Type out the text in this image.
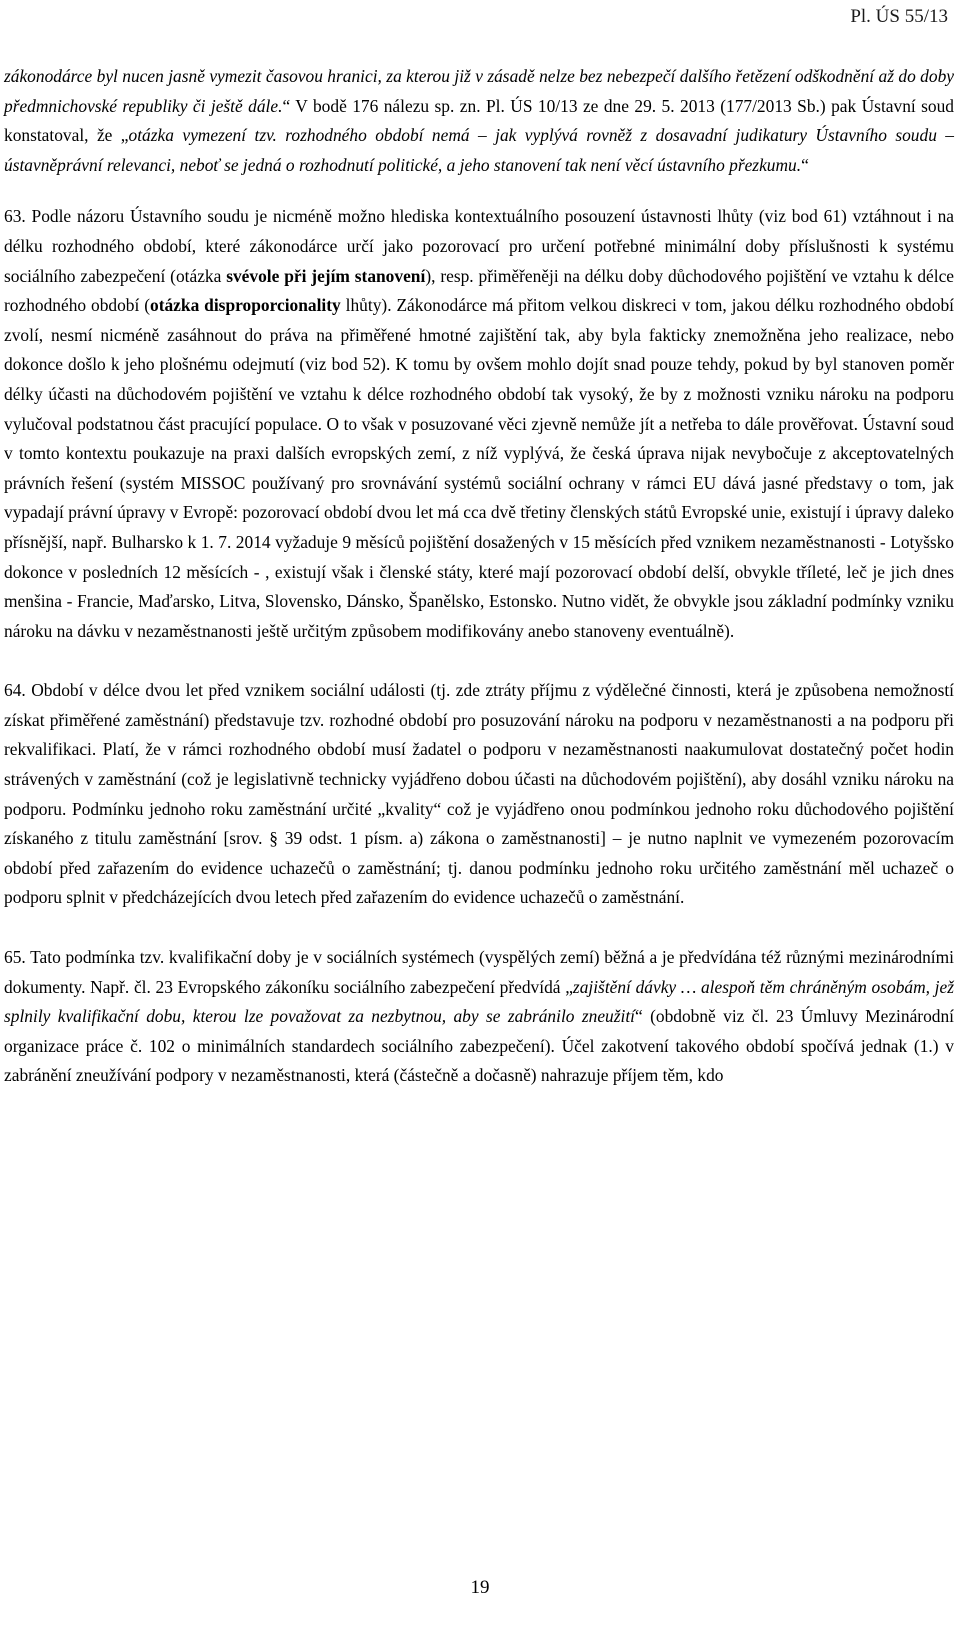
Pl. ÚS 55/13

zákonodárce byl nucen jasně vymezit časovou hranici, za kterou již v zásadě nelze bez nebezpečí dalšího řetězení odškodnění až do doby předmnichovské republiky či ještě dále.“ V bodě 176 nálezu sp. zn. Pl. ÚS 10/13 ze dne 29. 5. 2013 (177/2013 Sb.) pak Ústavní soud konstatoval, že „otázka vymezení tzv. rozhodného období nemá – jak vyplývá rovněž z dosavadní judikatury Ústavního soudu – ústavněprávní relevanci, neboť se jedná o rozhodnutí politické, a jeho stanovení tak není věcí ústavního přezkumu.“

63. Podle názoru Ústavního soudu je nicméně možno hlediska kontextuálního posouzení ústavnosti lhůty (viz bod 61) vztáhnout i na délku rozhodného období, které zákonodárce určí jako pozorovací pro určení potřebné minimální doby příslušnosti k systému sociálního zabezpečení (otázka svévole při jejím stanovení), resp. přiměřeněji na délku doby důchodového pojištění ve vztahu k délce rozhodného období (otázka disproporcionality lhůty). Zákonodárce má přitom velkou diskreci v tom, jakou délku rozhodného období zvolí, nesmí nicméně zasáhnout do práva na přiměřené hmotné zajištění tak, aby byla fakticky znemožněna jeho realizace, nebo dokonce došlo k jeho plošnému odejmutí (viz bod 52). K tomu by ovšem mohlo dojít snad pouze tehdy, pokud by byl stanoven poměr délky účasti na důchodovém pojištění ve vztahu k délce rozhodného období tak vysoký, že by z možnosti vzniku nároku na podporu vylučoval podstatnou část pracující populace. O to však v posuzované věci zjevně nemůže jít a netřeba to dále prověřovat. Ústavní soud v tomto kontextu poukazuje na praxi dalších evropských zemí, z níž vyplývá, že česká úprava nijak nevybočuje z akceptovatelných právních řešení (systém MISSOC používaný pro srovnávání systémů sociální ochrany v rámci EU dává jasné představy o tom, jak vypadají právní úpravy v Evropě: pozorovací období dvou let má cca dvě třetiny členských států Evropské unie, existují i úpravy daleko přísnější, např. Bulharsko k 1. 7. 2014 vyžaduje 9 měsíců pojištění dosažených v 15 měsících před vznikem nezaměstnanosti - Lotyšsko dokonce v posledních 12 měsících - , existují však i členské státy, které mají pozorovací období delší, obvykle tříleté, leč je jich dnes menšina - Francie, Maďarsko, Litva, Slovensko, Dánsko, Španělsko, Estonsko. Nutno vidět, že obvykle jsou základní podmínky vzniku nároku na dávku v nezaměstnanosti ještě určitým způsobem modifikovány anebo stanoveny eventuálně).

64. Období v délce dvou let před vznikem sociální události (tj. zde ztráty příjmu z výdělečné činnosti, která je způsobena nemožností získat přiměřené zaměstnání) představuje tzv. rozhodné období pro posuzování nároku na podporu v nezaměstnanosti a na podporu při rekvalifikaci. Platí, že v rámci rozhodného období musí žadatel o podporu v nezaměstnanosti naakumulovat dostatečný počet hodin strávených v zaměstnání (což je legislativně technicky vyjádřeno dobou účasti na důchodovém pojištění), aby dosáhl vzniku nároku na podporu. Podmínku jednoho roku zaměstnání určité „kvality“ což je vyjádřeno onou podmínkou jednoho roku důchodového pojištění získaného z titulu zaměstnání [srov. § 39 odst. 1 písm. a) zákona o zaměstnanosti] – je nutno naplnit ve vymezeném pozorovacím období před zařazením do evidence uchazečů o zaměstnání; tj. danou podmínku jednoho roku určitého zaměstnání měl uchazeč o podporu splnit v předcházejících dvou letech před zařazením do evidence uchazečů o zaměstnání.

65. Tato podmínka tzv. kvalifikační doby je v sociálních systémech (vyspělých zemí) běžná a je předvídána též různými mezinárodními dokumenty. Např. čl. 23 Evropského zákoníku sociálního zabezpečení předvídá „zajištění dávky … alespoň těm chráněným osobám, jež splnily kvalifikační dobu, kterou lze považovat za nezbytnou, aby se zabránilo zneužití“ (obdobně viz čl. 23 Úmluvy Mezinárodní organizace práce č. 102 o minimálních standardech sociálního zabezpečení). Účel zakotvení takového období spočívá jednak (1.) v zabránění zneužívání podpory v nezaměstnanosti, která (částečně a dočasně) nahrazuje příjem těm, kdo

19
